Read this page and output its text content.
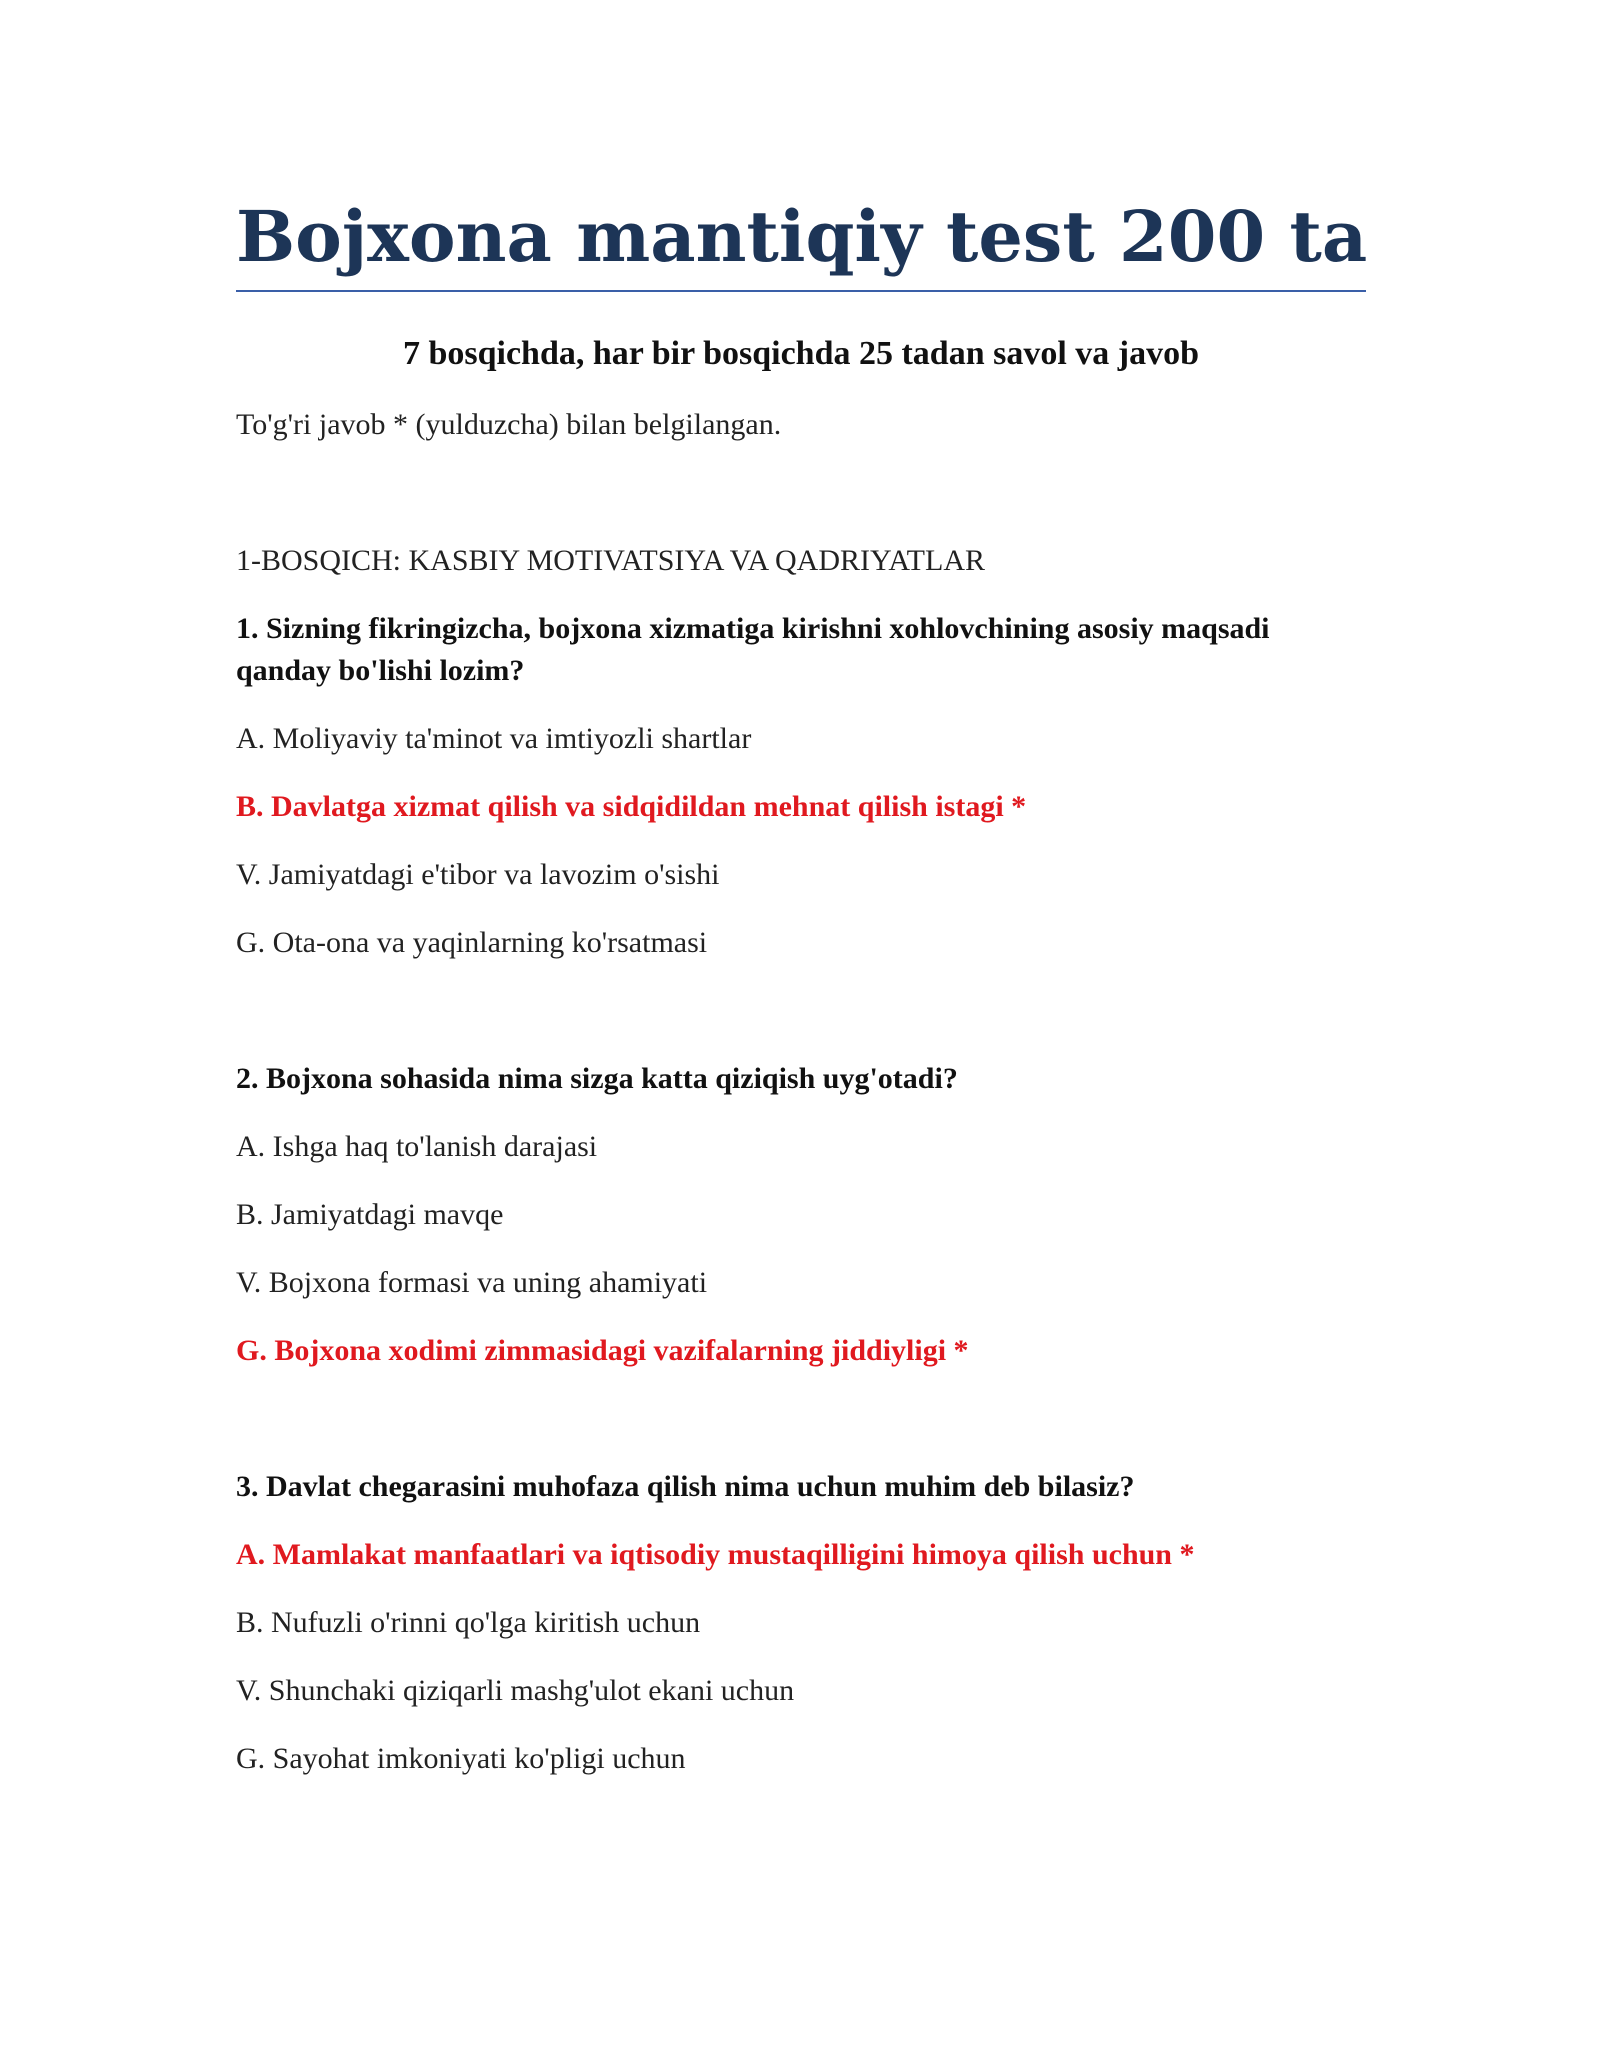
Bojxona mantiqiy test 200 ta
7 bosqichda, har bir bosqichda 25 tadan savol va javob

To'g'ri javob * (yulduzcha) bilan belgilangan.

1-BOSQICH: KASBIY MOTIVATSIYA VA QADRIYATLAR

1. Sizning fikringizcha, bojxona xizmatiga kirishni xohlovchining asosiy maqsadi qanday bo'lishi lozim?

A. Moliyaviy ta'minot va imtiyozli shartlar

B. Davlatga xizmat qilish va sidqidildan mehnat qilish istagi *

V. Jamiyatdagi e'tibor va lavozim o'sishi

G. Ota-ona va yaqinlarning ko'rsatmasi

2. Bojxona sohasida nima sizga katta qiziqish uyg'otadi?

A. Ishga haq to'lanish darajasi

B. Jamiyatdagi mavqe

V. Bojxona formasi va uning ahamiyati

G. Bojxona xodimi zimmasidagi vazifalarning jiddiyligi *

3. Davlat chegarasini muhofaza qilish nima uchun muhim deb bilasiz?

A. Mamlakat manfaatlari va iqtisodiy mustaqilligini himoya qilish uchun *

B. Nufuzli o'rinni qo'lga kiritish uchun

V. Shunchaki qiziqarli mashg'ulot ekani uchun

G. Sayohat imkoniyati ko'pligi uchun
